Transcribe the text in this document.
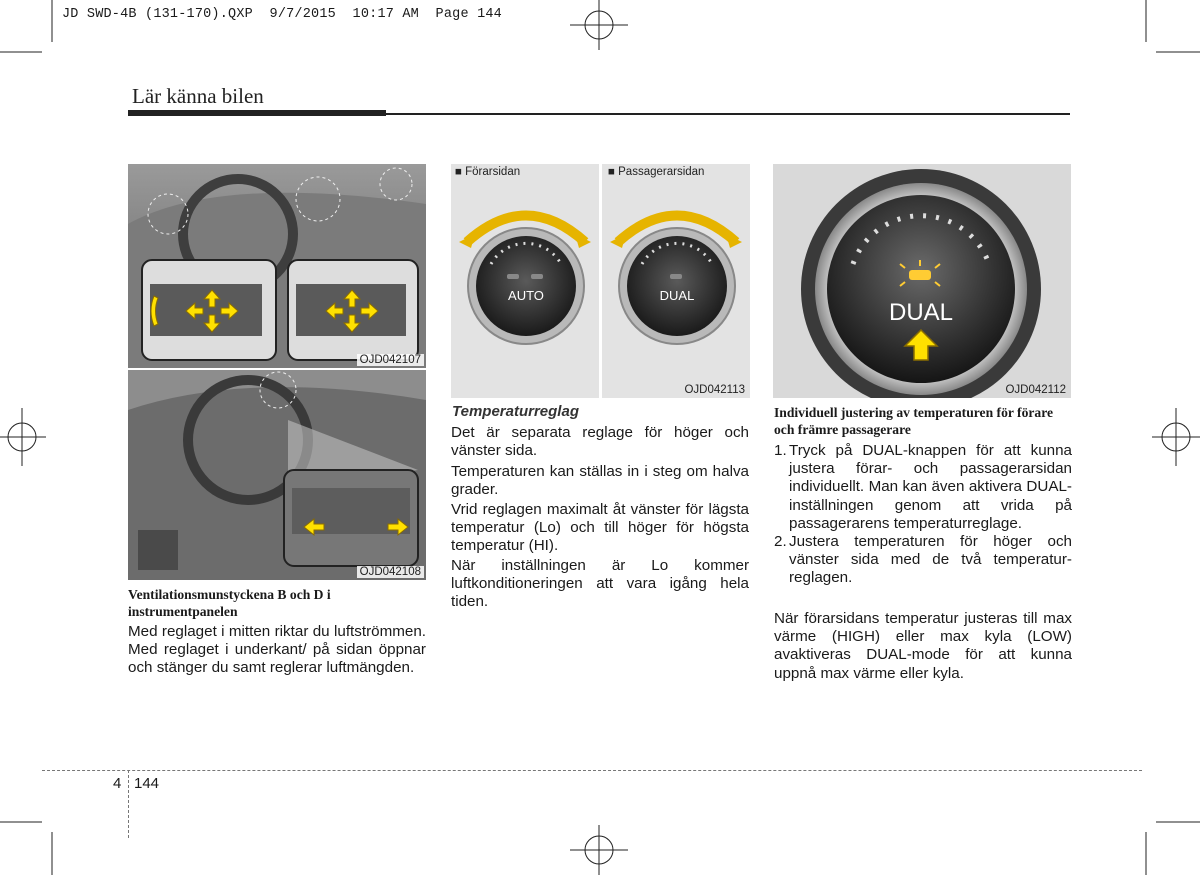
JD SWD-4B (131-170).QXP  9/7/2015  10:17 AM  Page 144
Lär känna bilen
OJD042107
OJD042108
Ventilationsmunstyckena B och D i instrumentpanelen
Med reglaget i mitten riktar du luftströmmen. Med reglaget i underkant/ på sidan öppnar och stänger du samt reglerar luftmängden.
AUTO
■ Förarsidan
DUAL
■ Passagerarsidan
OJD042113
Temperaturreglag
Det är separata reglage för höger och vänster sida.
Temperaturen kan ställas in i steg om halva grader.
Vrid reglagen maximalt åt vänster för lägsta temperatur (Lo) och till höger för högsta temperatur (HI).
När inställningen är Lo kommer luftkonditioneringen att vara igång hela tiden.
DUAL
OJD042112
Individuell justering av temperaturen för förare och främre passagerare
1. Tryck på DUAL-knappen för att kunna justera förar- och passagerarsidan individuellt. Man kan även aktivera DUAL-inställningen genom att vrida på passagerarens temperaturreglage.
2. Justera temperaturen för höger och vänster sida med de två temperatur- reglagen.
När förarsidans temperatur justeras till max värme (HIGH) eller max kyla (LOW) avaktiveras DUAL-mode för att kunna uppnå max värme eller kyla.
4 144
